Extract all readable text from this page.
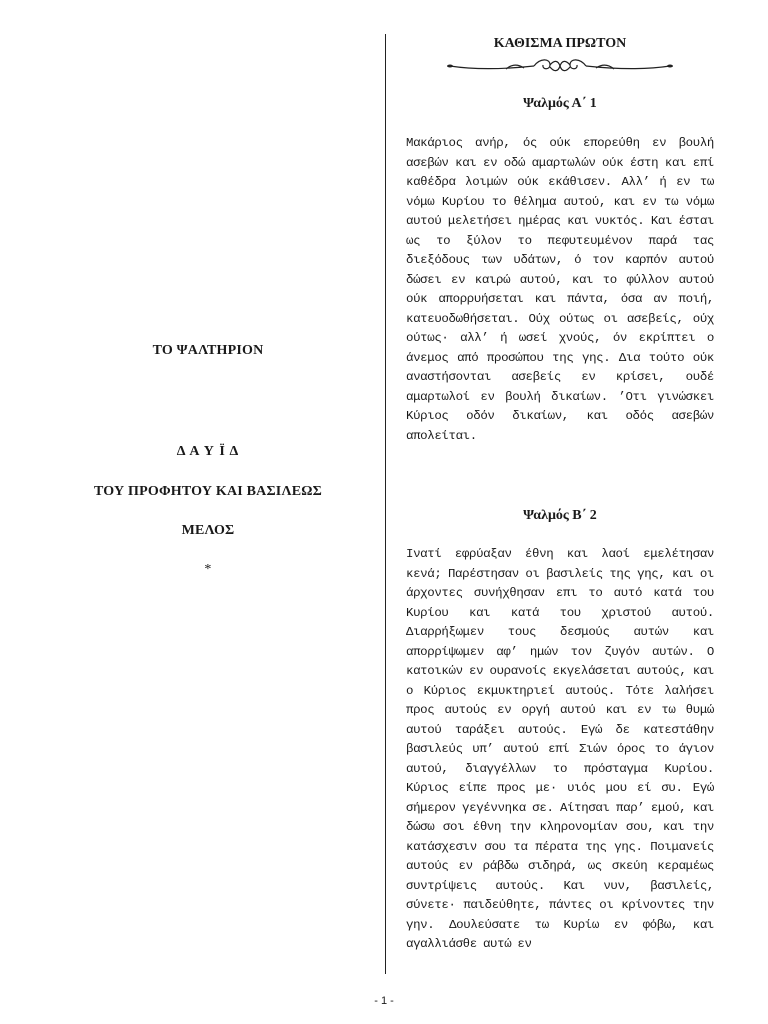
ΤΟ ΨΑΛΤΗΡΙΟΝ
Δ Α Υ Ϊ Δ
ΤΟΥ ΠΡΟΦΗΤΟΥ ΚΑΙ ΒΑΣΙΛΕΩΣ
ΜΕΛΟΣ
*
ΚΑΘΙΣΜΑ ΠΡΩΤΟΝ
Ψαλμός Α΄ 1

Μακάριος ανήρ, ός ούκ επορεύθη εν βουλή ασεβών και εν οδώ αμαρτωλών ούκ έστη και επί καθέδρα λοιμών ούκ εκάθισεν. Αλλ’ ή εν τω νόμω Κυρίου το θέλημα αυτού, και εν τω νόμω αυτού μελετήσει ημέρας και νυκτός. Και έσται ως το ξύλον το πεφυτευμένον παρά τας διεξόδους των υδάτων, ό τον καρπόν αυτού δώσει εν καιρώ αυτού, και το φύλλον αυτού ούκ απορρυήσεται και πάντα, όσα αν ποιή, κατευοδωθήσεται. Ούχ ούτως οι ασεβείς, ούχ ούτως· αλλ’ ή ωσεί χνούς, όν εκρίπτει ο άνεμος από προσώπου της γης. Δια τούτο ούκ αναστήσονται ασεβείς εν κρίσει, ουδέ αμαρτωλοί εν βουλή δικαίων. ’Οτι γινώσκει Κύριος οδόν δικαίων, και οδός ασεβών απολείται.

Ψαλμός Β΄ 2

Ινατί εφρύαξαν έθνη και λαοί εμελέτησαν κενά; Παρέστησαν οι βασιλείς της γης, και οι άρχοντες συνήχθησαν επι το αυτό κατά του Κυρίου και κατά του χριστού αυτού. Διαρρήξωμεν τους δεσμούς αυτών και απορρίψωμεν αφ’ ημών τον ζυγόν αυτών. Ο κατοικών εν ουρανοίς εκγελάσεται αυτούς, και ο Κύριος εκμυκτηριεί αυτούς. Τότε λαλήσει προς αυτούς εν οργή αυτού και εν τω θυμώ αυτού ταράξει αυτούς. Εγώ δε κατεστάθην βασιλεύς υπ’ αυτού επί Σιών όρος το άγιον αυτού, διαγγέλλων το πρόσταγμα Κυρίου. Κύριος είπε προς με· υιός μου εί συ. Εγώ σήμερον γεγέννηκα σε. Αίτησαι παρ’ εμού, και δώσω σοι έθνη την κληρονομίαν σου, και την κατάσχεσιν σου τα πέρατα της γης. Ποιμανείς αυτούς εν ράβδω σιδηρά, ως σκεύη κεραμέως συντρίψεις αυτούς. Και νυν, βασιλείς, σύνετε· παιδεύθητε, πάντες οι κρίνοντες την γην. Δουλεύσατε τω Κυρίω εν φόβω, και αγαλλιάσθε αυτώ εν

- 1 -
